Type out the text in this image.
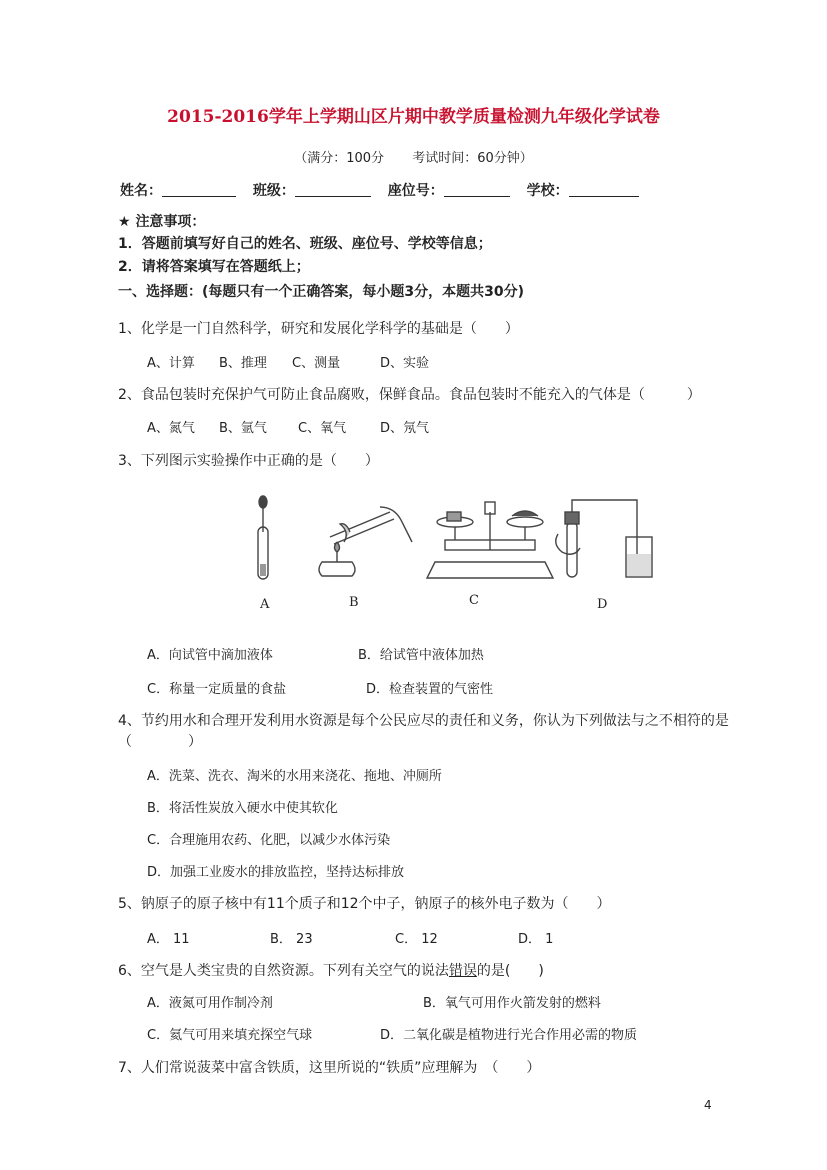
2015-2016学年上学期山区片期中教学质量检测九年级化学试卷
（满分：100分 考试时间：60分钟）
姓名：	班级：	座位号：	学校：
★ 注意事项：
1．答题前填写好自己的姓名、班级、座位号、学校等信息；
2．请将答案填写在答题纸上；
一、选择题：(每题只有一个正确答案，每小题3分，本题共30分)
1、化学是一门自然科学，研究和发展化学科学的基础是（　　）
A、计算 B、推理 C、测量	D、实验
2、食品包装时充保护气可防止食品腐败，保鲜食品。食品包装时不能充入的气体是（　　　）
A、氮气 B、氩气 C、氧气	D、氖气
3、下列图示实验操作中正确的是（　　）
A	B	C	D
A．向试管中滴加液体	B．给试管中液体加热
C．称量一定质量的食盐	D．检查装置的气密性
4、节约用水和合理开发利用水资源是每个公民应尽的责任和义务，你认为下列做法与之不相符的是
（　　　　）
A．洗菜、洗衣、淘米的水用来浇花、拖地、冲厕所
B．将活性炭放入硬水中使其软化
C．合理施用农药、化肥，以减少水体污染
D．加强工业废水的排放监控，坚持达标排放
5、钠原子的原子核中有11个质子和12个中子，钠原子的核外电子数为（　　）
A． 11	B． 23	C． 12	D． 1
6、空气是人类宝贵的自然资源。下列有关空气的说法错误的是(　　)
A．液氮可用作制冷剂	B．氧气可用作火箭发射的燃料
C．氦气可用来填充探空气球	D．二氧化碳是植物进行光合作用必需的物质
7、人们常说菠菜中富含铁质，这里所说的“铁质”应理解为　（　　）
4
